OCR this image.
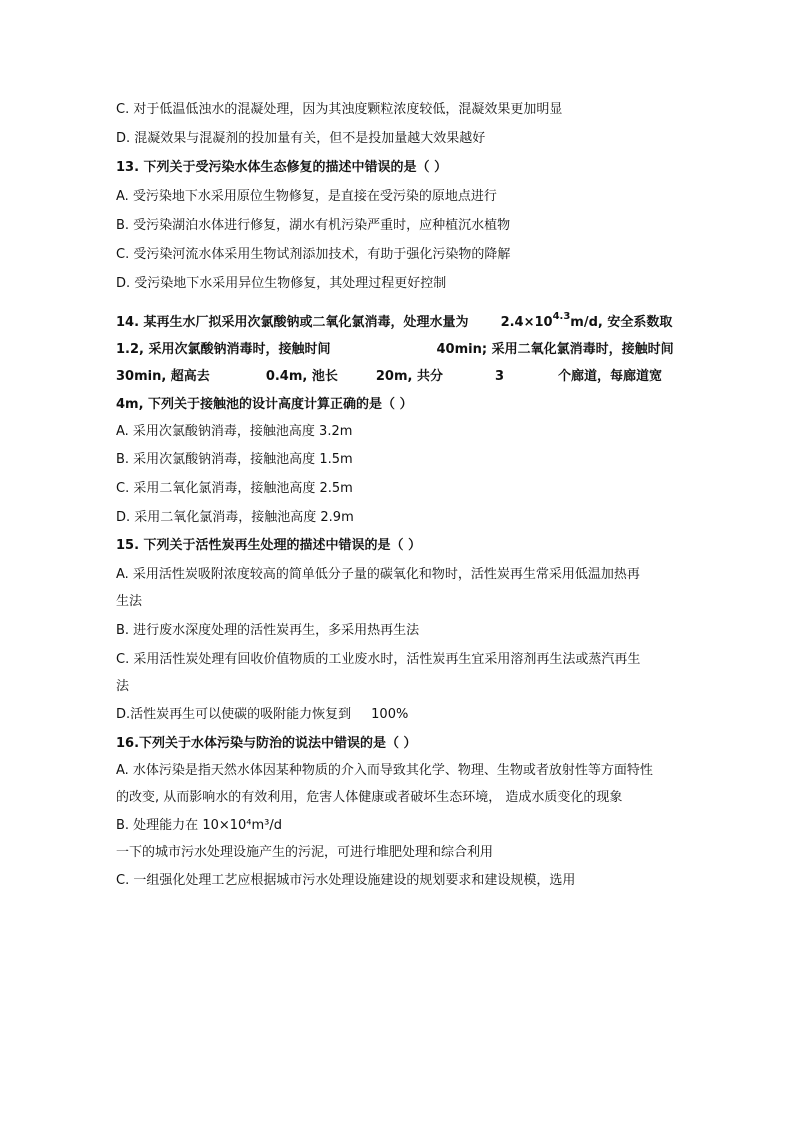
C. 对于低温低浊水的混凝处理，因为其浊度颗粒浓度较低，混凝效果更加明显
D. 混凝效果与混凝剂的投加量有关，但不是投加量越大效果越好
13. 下列关于受污染水体生态修复的描述中错误的是（ ）
A. 受污染地下水采用原位生物修复，是直接在受污染的原地点进行
B. 受污染湖泊水体进行修复，湖水有机污染严重时，应种植沉水植物
C. 受污染河流水体采用生物试剂添加技术，有助于强化污染物的降解
D. 受污染地下水采用异位生物修复，其处理过程更好控制
14. 某再生水厂拟采用次氯酸钠或二氧化氯消毒，处理水量为 $2.4\times 10^{4.3}m/d$, 安全系数取
1.2, 采用次氯酸钠消毒时，接触时间	40min; 采用二氧化氯消毒时，接触时间
30min, 超高去	0.4m, 池长	20m, 共分	3	个廊道，每廊道宽
4m, 下列关于接触池的设计高度计算正确的是（ ）
A. 采用次氯酸钠消毒，接触池高度 3.2m
B. 采用次氯酸钠消毒，接触池高度 1.5m
C. 采用二氧化氯消毒，接触池高度 2.5m
D. 采用二氧化氯消毒，接触池高度 2.9m
15. 下列关于活性炭再生处理的描述中错误的是（ ）
A. 采用活性炭吸附浓度较高的简单低分子量的碳氧化和物时，活性炭再生常采用低温加热再
生法
B. 进行废水深度处理的活性炭再生，多采用热再生法
C. 采用活性炭处理有回收价值物质的工业废水时，活性炭再生宜采用溶剂再生法或蒸汽再生
法
D.活性炭再生可以使碳的吸附能力恢复到 100%
16.下列关于水体污染与防治的说法中错误的是（ ）
A. 水体污染是指天然水体因某种物质的介入而导致其化学、物理、生物或者放射性等方面特性
的改变, 从而影响水的有效利用，危害人体健康或者破坏生态环境， 造成水质变化的现象
B. 处理能力在 10×10⁴m³/d
一下的城市污水处理设施产生的污泥，可进行堆肥处理和综合利用
C. 一组强化处理工艺应根据城市污水处理设施建设的规划要求和建设规模，选用
